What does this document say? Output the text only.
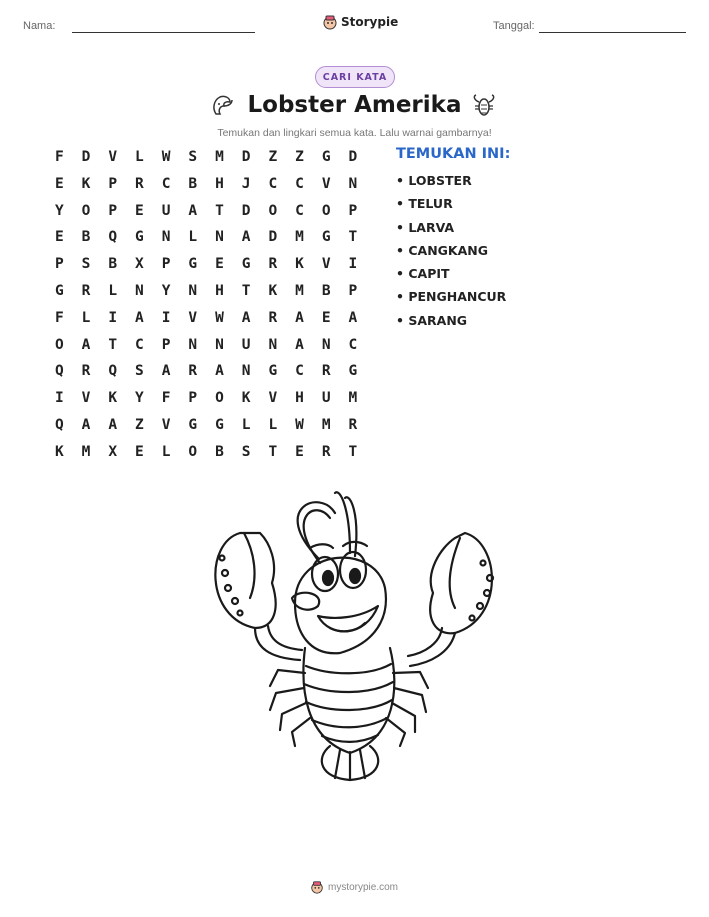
Nama:	Storypie	Tanggal:
CARI KATA
Lobster Amerika
Temukan dan lingkari semua kata. Lalu warnai gambarnya!
F	D	V	L	W	S	M	D	Z	Z	G	D
E	K	P	R	C	B	H	J	C	C	V	N
Y	O	P	E	U	A	T	D	O	C	O	P
E	B	Q	G	N	L	N	A	D	M	G	T
P	S	B	X	P	G	E	G	R	K	V	I
G	R	L	N	Y	N	H	T	K	M	B	P
F	L	I	A	I	V	W	A	R	A	E	A
O	A	T	C	P	N	N	U	N	A	N	C
Q	R	Q	S	A	R	A	N	G	C	R	G
I	V	K	Y	F	P	O	K	V	H	U	M
Q	A	A	Z	V	G	G	L	L	W	M	R
K	M	X	E	L	O	B	S	T	E	R	T
TEMUKAN INI:
• LOBSTER
• TELUR
• LARVA
• CANGKANG
• CAPIT
• PENGHANCUR
• SARANG
mystorypie.com
